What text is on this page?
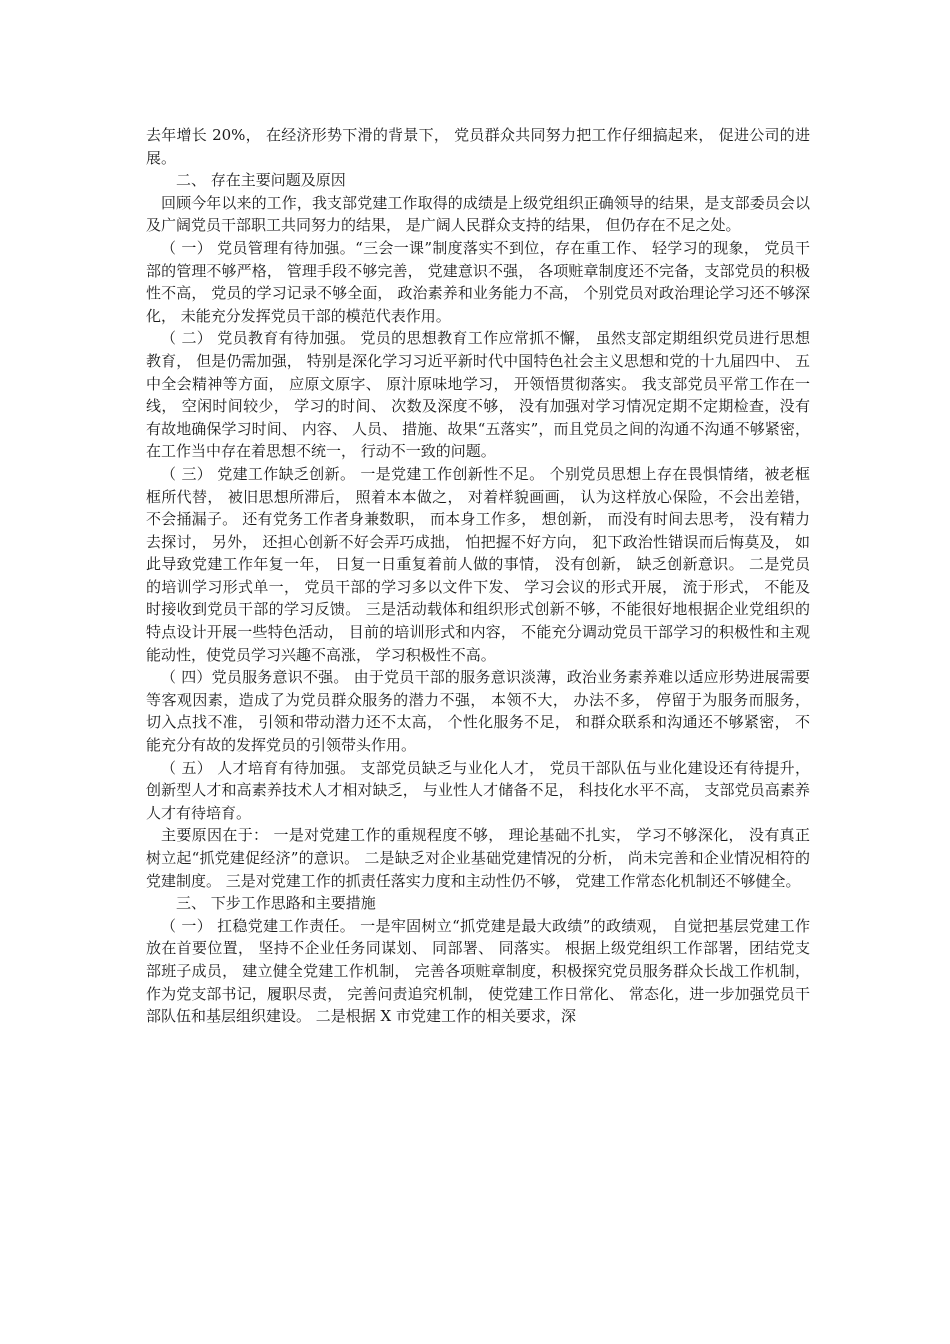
去年增长 20%， 在经济形势下滑的背景下， 党员群众共同努力把工作仔细搞起来， 促进公司的进展。

二、 存在主要问题及原因

回顾今年以来的工作，我支部党建工作取得的成绩是上级党组织正确领导的结果，是支部委员会以及广阔党员干部职工共同努力的结果， 是广阔人民群众支持的结果， 但仍存在不足之处。

（ 一） 党员管理有待加强。“三会一课”制度落实不到位，存在重工作、 轻学习的现象， 党员干部的管理不够严格， 管理手段不够完善， 党建意识不强， 各项赃章制度还不完备，支部党员的积极性不高， 党员的学习记录不够全面， 政治素养和业务能力不高， 个别党员对政治理论学习还不够深化， 未能充分发挥党员干部的模范代表作用。

（ 二） 党员教育有待加强。 党员的思想教育工作应常抓不懈， 虽然支部定期组织党员进行思想教育， 但是仍需加强， 特别是深化学习习近平新时代中国特色社会主义思想和党的十九届四中、 五中全会精神等方面， 应原文原字、 原汁原味地学习， 开领悟贯彻落实。 我支部党员平常工作在一线， 空闲时间较少， 学习的时间、 次数及深度不够， 没有加强对学习情况定期不定期检查，没有有故地确保学习时间、 内容、 人员、 措施、故果“五落实”，而且党员之间的沟通不沟通不够紧密， 在工作当中存在着思想不统一， 行动不一致的问题。

（ 三） 党建工作缺乏创新。 一是党建工作创新性不足。 个别党员思想上存在畏惧情绪，被老框框所代替， 被旧思想所滞后， 照着本本做之， 对着样貌画画， 认为这样放心保险，不会出差错， 不会捅漏子。 还有党务工作者身兼数职， 而本身工作多， 想创新， 而没有时间去思考， 没有精力去探讨， 另外， 还担心创新不好会弄巧成拙， 怕把握不好方向， 犯下政治性错误而后悔莫及， 如此导致党建工作年复一年， 日复一日重复着前人做的事情， 没有创新， 缺乏创新意识。 二是党员的培训学习形式单一， 党员干部的学习多以文件下发、 学习会议的形式开展， 流于形式， 不能及时接收到党员干部的学习反馈。 三是活动载体和组织形式创新不够，不能很好地根据企业党组织的特点设计开展一些特色活动， 目前的培训形式和内容， 不能充分调动党员干部学习的积极性和主观能动性，使党员学习兴趣不高涨， 学习积极性不高。

（ 四）党员服务意识不强。 由于党员干部的服务意识淡薄，政治业务素养难以适应形势进展需要等客观因素，造成了为党员群众服务的潜力不强， 本领不大， 办法不多， 停留于为服务而服务， 切入点找不准， 引领和带动潜力还不太高， 个性化服务不足， 和群众联系和沟通还不够紧密， 不能充分有故的发挥党员的引领带头作用。

（ 五） 人才培育有待加强。 支部党员缺乏与业化人才， 党员干部队伍与业化建设还有待提升，创新型人才和高素养技术人才相对缺乏， 与业性人才储备不足， 科技化水平不高， 支部党员高素养人才有待培育。

主要原因在于： 一是对党建工作的重规程度不够， 理论基础不扎实， 学习不够深化， 没有真正树立起“抓党建促经济”的意识。 二是缺乏对企业基础党建情况的分析， 尚未完善和企业情况相符的党建制度。 三是对党建工作的抓责任落实力度和主动性仍不够， 党建工作常态化机制还不够健全。

三、 下步工作思路和主要措施

（ 一） 扛稳党建工作责任。 一是牢固树立“抓党建是最大政绩”的政绩观， 自觉把基层党建工作放在首要位置， 坚持不企业任务同谋划、 同部署、 同落实。 根据上级党组织工作部署，团结党支部班子成员， 建立健全党建工作机制， 完善各项赃章制度，积极探究党员服务群众长战工作机制，作为党支部书记，履职尽责， 完善问责追究机制， 使党建工作日常化、 常态化，进一步加强党员干部队伍和基层组织建设。 二是根据 X 市党建工作的相关要求，深
